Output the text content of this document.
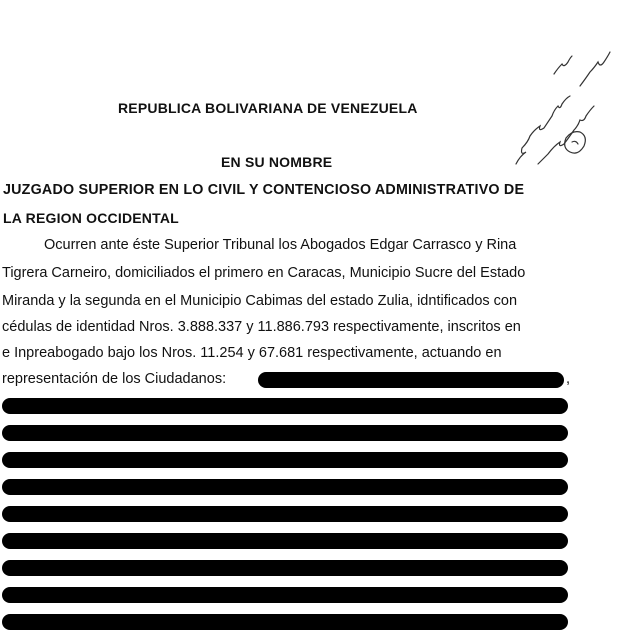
REPUBLICA BOLIVARIANA DE VENEZUELA
EN SU NOMBRE
JUZGADO SUPERIOR EN LO CIVIL Y CONTENCIOSO ADMINISTRATIVO DE
LA REGION OCCIDENTAL
Ocurren ante éste Superior Tribunal los Abogados Edgar Carrasco y Rina
Tigrera Carneiro, domiciliados el primero en Caracas, Municipio Sucre del Estado
Miranda y la segunda en el Municipio Cabimas del estado Zulia, idntificados con
cédulas de identidad Nros. 3.888.337 y 11.886.793 respectivamente, inscritos en
e Inpreabogado bajo los Nros. 11.254 y 67.681 respectivamente, actuando en
representación de los Ciudadanos:	,
